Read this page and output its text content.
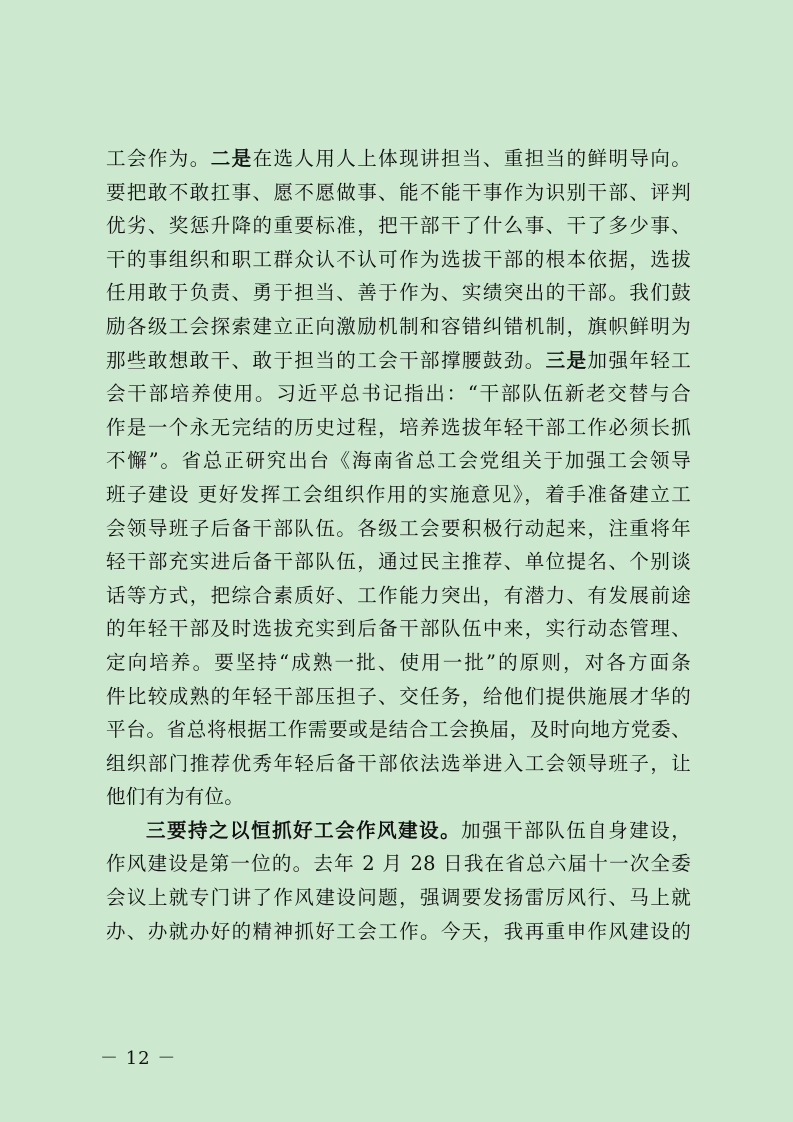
工会作为。二是在选人用人上体现讲担当、重担当的鲜明导向。
要把敢不敢扛事、愿不愿做事、能不能干事作为识别干部、评判
优劣、奖惩升降的重要标准，把干部干了什么事、干了多少事、
干的事组织和职工群众认不认可作为选拔干部的根本依据，选拔
任用敢于负责、勇于担当、善于作为、实绩突出的干部。我们鼓
励各级工会探索建立正向激励机制和容错纠错机制，旗帜鲜明为
那些敢想敢干、敢于担当的工会干部撑腰鼓劲。三是加强年轻工
会干部培养使用。习近平总书记指出：“干部队伍新老交替与合
作是一个永无完结的历史过程，培养选拔年轻干部工作必须长抓
不懈”。省总正研究出台《海南省总工会党组关于加强工会领导
班子建设 更好发挥工会组织作用的实施意见》，着手准备建立工
会领导班子后备干部队伍。各级工会要积极行动起来，注重将年
轻干部充实进后备干部队伍，通过民主推荐、单位提名、个别谈
话等方式，把综合素质好、工作能力突出，有潜力、有发展前途
的年轻干部及时选拔充实到后备干部队伍中来，实行动态管理、
定向培养。要坚持“成熟一批、使用一批”的原则，对各方面条
件比较成熟的年轻干部压担子、交任务，给他们提供施展才华的
平台。省总将根据工作需要或是结合工会换届，及时向地方党委、
组织部门推荐优秀年轻后备干部依法选举进入工会领导班子，让
他们有为有位。
三要持之以恒抓好工会作风建设。加强干部队伍自身建设，
作风建设是第一位的。去年 2 月 28 日我在省总六届十一次全委
会议上就专门讲了作风建设问题，强调要发扬雷厉风行、马上就
办、办就办好的精神抓好工会工作。今天，我再重申作风建设的
－ 12 －
